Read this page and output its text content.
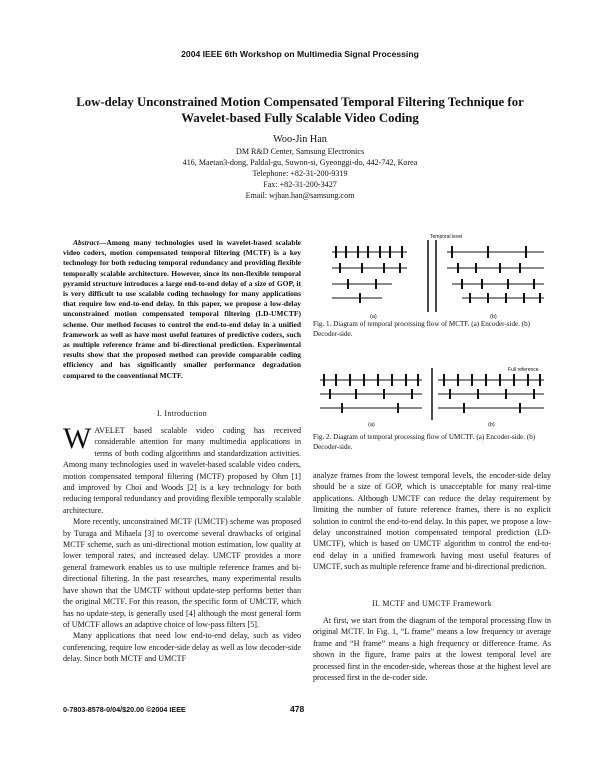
2004 IEEE 6th Workshop on Multimedia Signal Processing
Low-delay Unconstrained Motion Compensated Temporal Filtering Technique for
Wavelet-based Fully Scalable Video Coding
Woo-Jin Han
DM R&D Center, Samsung Electronics
416, Maetan3-dong, Paldal-gu, Suwon-si, Gyeonggi-do, 442-742, Korea
Telephone: +82-31-200-9319
Fax: +82-31-200-3427
Email: wjhan.han@samsung.com
Abstract—Among many technologies used in wavelet-based scalable video coders, motion compensated temporal filtering (MCTF) is a key technology for both reducing temporal redundancy and providing flexible temporally scalable architecture. However, since its non-flexible temporal pyramid structure introduces a large end-to-end delay of a size of GOP, it is very difficult to use scalable coding technology for many applications that require low end-to-end delay. In this paper, we propose a low-delay unconstrained motion compensated temporal filtering (LD-UMCTF) scheme. Our method focuses to control the end-to-end delay in a unified framework as well as have most useful features of predictive coders, such as multiple reference frame and bi-directional prediction. Experimental results show that the proposed method can provide comparable coding efficiency and has significantly smaller performance degradation compared to the conventional MCTF.
I. Introduction

WAVELET based scalable video coding has received considerable attention for many multimedia applications in terms of both coding algorithms and standardization activities. Among many technologies used in wavelet-based scalable video coders, motion compensated temporal filtering (MCTF) proposed by Ohm [1] and improved by Choi and Woods [2] is a key technology for both reducing temporal redundancy and providing flexible temporally scalable architecture.

More recently, unconstrained MCTF (UMCTF) scheme was proposed by Turaga and Mihaela [3] to overcome several drawbacks of original MCTF scheme, such as uni-directional motion estimation, low quality at lower temporal rates, and increased delay. UMCTF provides a more general framework enables us to use multiple reference frames and bi-directional filtering. In the past researches, many experimental results have shown that the UMCTF without update-step performs better than the original MCTF. For this reason, the specific form of UMCTF, which has no update-step, is generally used [4] although the most general form of UMCTF allows an adaptive choice of low-pass filters [5].

Many applications that need low end-to-end delay, such as video conferencing, require low encoder-side delay as well as low decoder-side delay. Since both MCTF and UMCTF

Temporal level
(a)	(b)
Fig. 1. Diagram of temporal processing flow of MCTF. (a) Encoder-side. (b) Decoder-side.
Full reference
(a)	(b)
Fig. 2. Diagram of temporal processing flow of UMCTF. (a) Encoder-side. (b) Decoder-side.
analyze frames from the lowest temporal levels, the encoder-side delay should be a size of GOP, which is unacceptable for many real-time applications. Although UMCTF can reduce the delay requirement by limiting the number of future reference frames, there is no explicit solution to control the end-to-end delay. In this paper, we propose a low-delay unconstrained motion compensated temporal prediction (LD-UMCTF), which is based on UMCTF algorithm to control the end-to-end delay in a unified framework having most useful features of UMCTF, such as multiple reference frame and bi-directional prediction.
II. MCTF and UMCTF Framework
At first, we start from the diagram of the temporal processing flow in original MCTF. In Fig. 1, “L frame” means a low frequency or average frame and “H frame” means a high frequency or difference frame. As shown in the figure, frame pairs at the lowest temporal level are processed first in the encoder-side, whereas those at the highest level are processed first in the de-coder side.
0-7803-8578-0/04/$20.00 ©2004 IEEE	478
